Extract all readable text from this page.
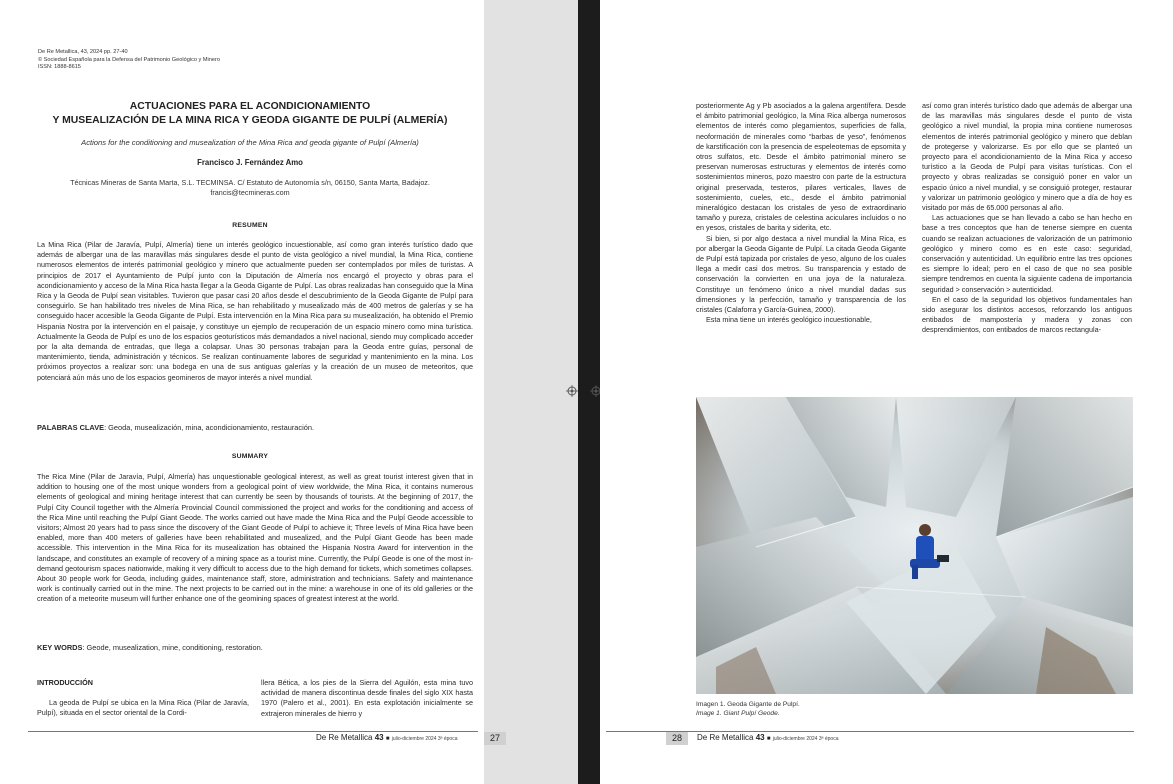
De Re Metallica, 43, 2024 pp. 27-40
© Sociedad Española para la Defensa del Patrimonio Geológico y Minero
ISSN: 1888-8615
ACTUACIONES PARA EL ACONDICIONAMIENTO
Y MUSEALIZACIÓN DE LA MINA RICA Y GEODA GIGANTE DE PULPÍ (ALMERÍA)
Actions for the conditioning and musealization of the Mina Rica and geoda gigante of Pulpí (Almería)
Francisco J. Fernández Amo
Técnicas Mineras de Santa Marta, S.L. TECMINSA. C/ Estatuto de Autonomía s/n, 06150, Santa Marta, Badajoz.
francis@tecmineras.com
RESUMEN
La Mina Rica (Pilar de Jaravía, Pulpí, Almería) tiene un interés geológico incuestionable, así como gran interés turístico dado que además de albergar una de las maravillas más singulares desde el punto de vista geológico a nivel mundial, la Mina Rica, contiene numerosos elementos de interés patrimonial geológico y minero que actualmente pueden ser contemplados por miles de turistas. A principios de 2017 el Ayuntamiento de Pulpí junto con la Diputación de Almería nos encargó el proyecto y obras para el acondicionamiento y acceso de la Mina Rica hasta llegar a la Geoda Gigante de Pulpí. Las obras realizadas han conseguido que la Mina Rica y la Geoda de Pulpí sean visitables. Tuvieron que pasar casi 20 años desde el descubrimiento de la Geoda Gigante de Pulpí para conseguirlo. Se han habilitado tres niveles de Mina Rica, se han rehabilitado y musealizado más de 400 metros de galerías y se ha conseguido hacer accesible la Geoda Gigante de Pulpí. Esta intervención en la Mina Rica para su musealización, ha obtenido el Premio Hispania Nostra por la intervención en el paisaje, y constituye un ejemplo de recuperación de un espacio minero como mina turística. Actualmente la Geoda de Pulpí es uno de los espacios geoturísticos más demandados a nivel nacional, siendo muy complicado acceder por la alta demanda de entradas, que llega a colapsar. Unas 30 personas trabajan para la Geoda entre guías, personal de mantenimiento, tienda, administración y técnicos. Se realizan continuamente labores de seguridad y mantenimiento en la mina. Los próximos proyectos a realizar son: una bodega en una de sus antiguas galerías y la creación de un museo de meteoritos, que potenciará aún más uno de los espacios geomineros de mayor interés a nivel mundial.
PALABRAS CLAVE: Geoda, musealización, mina, acondicionamiento, restauración.
SUMMARY
The Rica Mine (Pilar de Jaravía, Pulpí, Almería) has unquestionable geological interest, as well as great tourist interest given that in addition to housing one of the most unique wonders from a geological point of view worldwide, the Mina Rica, it contains numerous elements of geological and mining heritage interest that can currently be seen by thousands of tourists. At the beginning of 2017, the Pulpí City Council together with the Almería Provincial Council commissioned the project and works for the conditioning and access of the Rica Mine until reaching the Pulpí Giant Geode. The works carried out have made the Mina Rica and the Pulpí Geode accessible to visitors; Almost 20 years had to pass since the discovery of the Giant Geode of Pulpí to achieve it; Three levels of Mina Rica have been enabled, more than 400 meters of galleries have been rehabilitated and musealized, and the Pulpí Giant Geode has been made accessible. This intervention in the Mina Rica for its musealization has obtained the Hispania Nostra Award for intervention in the landscape, and constitutes an example of recovery of a mining space as a tourist mine. Currently, the Pulpí Geode is one of the most in-demand geotourism spaces nationwide, making it very difficult to access due to the high demand for tickets, which sometimes collapses. About 30 people work for Geoda, including guides, maintenance staff, store, administration and technicians. Safety and maintenance work is continually carried out in the mine. The next projects to be carried out in the mine: a warehouse in one of its old galleries or the creation of a meteorite museum will further enhance one of the geomining spaces of greatest interest at the world.
KEY WORDS: Geode, musealization, mine, conditioning, restoration.
INTRODUCCIÓN
La geoda de Pulpí se ubica en la Mina Rica (Pilar de Jaravía, Pulpí), situada en el sector oriental de la Cordi-
llera Bética, a los pies de la Sierra del Aguilón, esta mina tuvo actividad de manera discontinua desde finales del siglo XIX hasta 1970 (Palero et al., 2001). En esta explotación inicialmente se extrajeron minerales de hierro y
De Re Metallica 43 ■ julio-diciembre 2024 3ª época	27

posteriormente Ag y Pb asociados a la galena argentífera. Desde el ámbito patrimonial geológico, la Mina Rica alberga numerosos elementos de interés como plegamientos, superficies de falla, neoformación de minerales como “barbas de yeso”, fenómenos de karstificación con la presencia de espeleotemas de epsomita y otros sulfatos, etc. Desde el ámbito patrimonial minero se preservan numerosas estructuras y elementos de interés como sostenimientos mineros, pozo maestro con parte de la estructura original preservada, testeros, pilares verticales, llaves de sostenimiento, cueles, etc., desde el ámbito patrimonial mineralógico destacan los cristales de yeso de extraordinario tamaño y pureza, cristales de celestina aciculares incluidos o no en yesos, cristales de barita y siderita, etc.

Si bien, si por algo destaca a nivel mundial la Mina Rica, es por albergar la Geoda Gigante de Pulpí. La citada Geoda Gigante de Pulpí está tapizada por cristales de yeso, alguno de los cuales llega a medir casi dos metros. Su transparencia y estado de conservación la convierten en una joya de la naturaleza. Constituye un fenómeno único a nivel mundial dadas sus dimensiones y la perfección, tamaño y transparencia de los cristales (Calaforra y García-Guinea, 2000).

Esta mina tiene un interés geológico incuestionable,

así como gran interés turístico dado que además de albergar una de las maravillas más singulares desde el punto de vista geológico a nivel mundial, la propia mina contiene numerosos elementos de interés patrimonial geológico y minero que deblan de protegerse y valorizarse. Es por ello que se planteó un proyecto para el acondicionamiento de la Mina Rica y acceso turístico a la Geoda de Pulpí para visitas turísticas. Con el proyecto y obras realizadas se consiguió poner en valor un espacio único a nivel mundial, y se consiguió proteger, restaurar y valorizar un patrimonio geológico y minero que a día de hoy es visitado por más de 65.000 personas al año.

Las actuaciones que se han llevado a cabo se han hecho en base a tres conceptos que han de tenerse siempre en cuenta cuando se realizan actuaciones de valorización de un patrimonio geológico y minero como es en este caso: seguridad, conservación y autenticidad. Un equilibrio entre las tres opciones es siempre lo ideal; pero en el caso de que no sea posible siempre tendremos en cuenta la siguiente cadena de importancia seguridad > conservación > autenticidad.

En el caso de la seguridad los objetivos fundamentales han sido asegurar los distintos accesos, reforzando los antiguos entibados de mampostería y madera y zonas con desprendimientos, con entibados de marcos rectangula-

Imagen 1. Geoda Gigante de Pulpí.
Image 1. Giant Pulpí Geode.
De Re Metallica 43 ■ julio-diciembre 2024 3ª época
28
